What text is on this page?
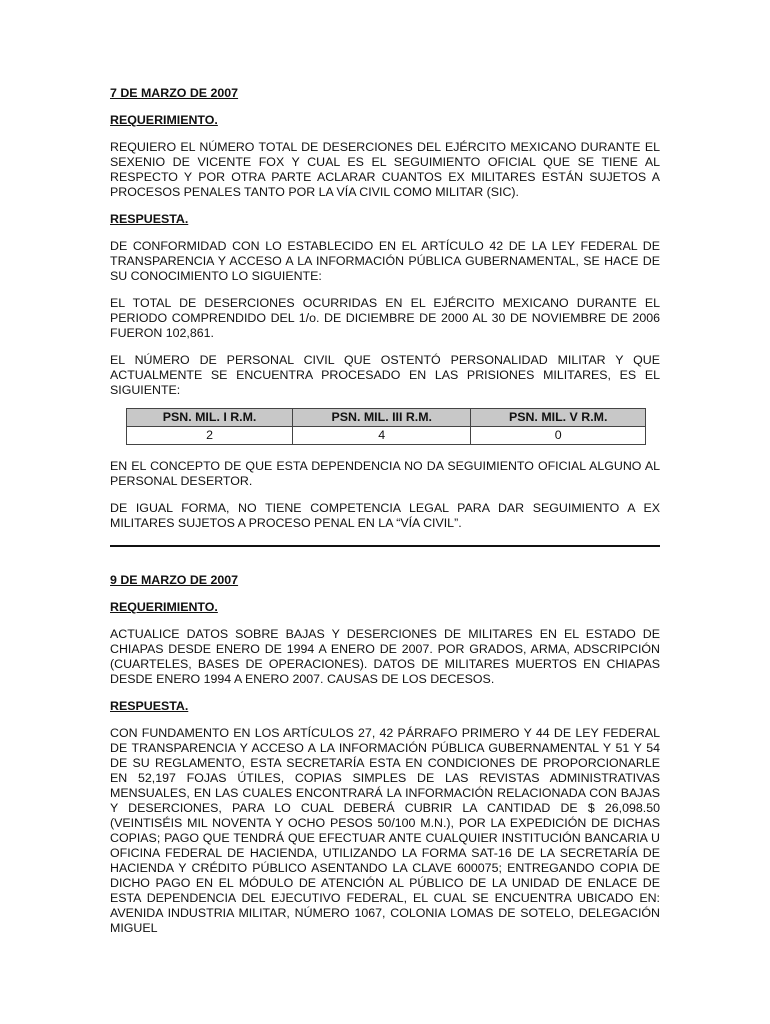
7 DE MARZO DE 2007
REQUERIMIENTO.
REQUIERO EL NÚMERO TOTAL DE DESERCIONES DEL EJÉRCITO MEXICANO DURANTE EL SEXENIO DE VICENTE FOX Y CUAL ES EL SEGUIMIENTO OFICIAL QUE SE TIENE AL RESPECTO Y POR OTRA PARTE ACLARAR CUANTOS EX MILITARES ESTÁN SUJETOS A PROCESOS PENALES TANTO POR LA VÍA CIVIL COMO MILITAR (SIC).
RESPUESTA.
DE CONFORMIDAD CON LO ESTABLECIDO EN EL ARTÍCULO 42 DE LA LEY FEDERAL DE TRANSPARENCIA Y ACCESO A LA INFORMACIÓN PÚBLICA GUBERNAMENTAL, SE HACE DE SU CONOCIMIENTO LO SIGUIENTE:
EL TOTAL DE DESERCIONES OCURRIDAS EN EL EJÉRCITO MEXICANO DURANTE EL PERIODO COMPRENDIDO DEL 1/o. DE DICIEMBRE DE 2000 AL 30 DE NOVIEMBRE DE 2006 FUERON 102,861.
EL NÚMERO DE PERSONAL CIVIL QUE OSTENTÓ PERSONALIDAD MILITAR Y QUE ACTUALMENTE SE ENCUENTRA PROCESADO EN LAS PRISIONES MILITARES, ES EL SIGUIENTE:
PSN. MIL. I R.M.	PSN. MIL. III R.M.	PSN. MIL. V R.M.
2	4	0
EN EL CONCEPTO DE QUE ESTA DEPENDENCIA NO DA SEGUIMIENTO OFICIAL ALGUNO AL PERSONAL DESERTOR.
DE IGUAL FORMA, NO TIENE COMPETENCIA LEGAL PARA DAR SEGUIMIENTO A EX MILITARES SUJETOS A PROCESO PENAL EN LA “VÍA CIVIL”.
9 DE MARZO DE 2007
REQUERIMIENTO.
ACTUALICE DATOS SOBRE BAJAS Y DESERCIONES DE MILITARES EN EL ESTADO DE CHIAPAS DESDE ENERO DE 1994 A ENERO DE 2007. POR GRADOS, ARMA, ADSCRIPCIÓN (CUARTELES, BASES DE OPERACIONES). DATOS DE MILITARES MUERTOS EN CHIAPAS DESDE ENERO 1994 A ENERO 2007. CAUSAS DE LOS DECESOS.
RESPUESTA.
CON FUNDAMENTO EN LOS ARTÍCULOS 27, 42 PÁRRAFO PRIMERO Y 44 DE LEY FEDERAL DE TRANSPARENCIA Y ACCESO A LA INFORMACIÓN PÚBLICA GUBERNAMENTAL Y 51 Y 54 DE SU REGLAMENTO, ESTA SECRETARÍA ESTA EN CONDICIONES DE PROPORCIONARLE EN 52,197 FOJAS ÚTILES, COPIAS SIMPLES DE LAS REVISTAS ADMINISTRATIVAS MENSUALES, EN LAS CUALES ENCONTRARÁ LA INFORMACIÓN RELACIONADA CON BAJAS Y DESERCIONES, PARA LO CUAL DEBERÁ CUBRIR LA CANTIDAD DE $ 26,098.50 (VEINTISÉIS MIL NOVENTA Y OCHO PESOS 50/100 M.N.), POR LA EXPEDICIÓN DE DICHAS COPIAS; PAGO QUE TENDRÁ QUE EFECTUAR ANTE CUALQUIER INSTITUCIÓN BANCARIA U OFICINA FEDERAL DE HACIENDA, UTILIZANDO LA FORMA SAT-16 DE LA SECRETARÍA DE HACIENDA Y CRÉDITO PÚBLICO ASENTANDO LA CLAVE 600075; ENTREGANDO COPIA DE DICHO PAGO EN EL MÓDULO DE ATENCIÓN AL PÚBLICO DE LA UNIDAD DE ENLACE DE ESTA DEPENDENCIA DEL EJECUTIVO FEDERAL, EL CUAL SE ENCUENTRA UBICADO EN: AVENIDA INDUSTRIA MILITAR, NÚMERO 1067, COLONIA LOMAS DE SOTELO, DELEGACIÓN MIGUEL
